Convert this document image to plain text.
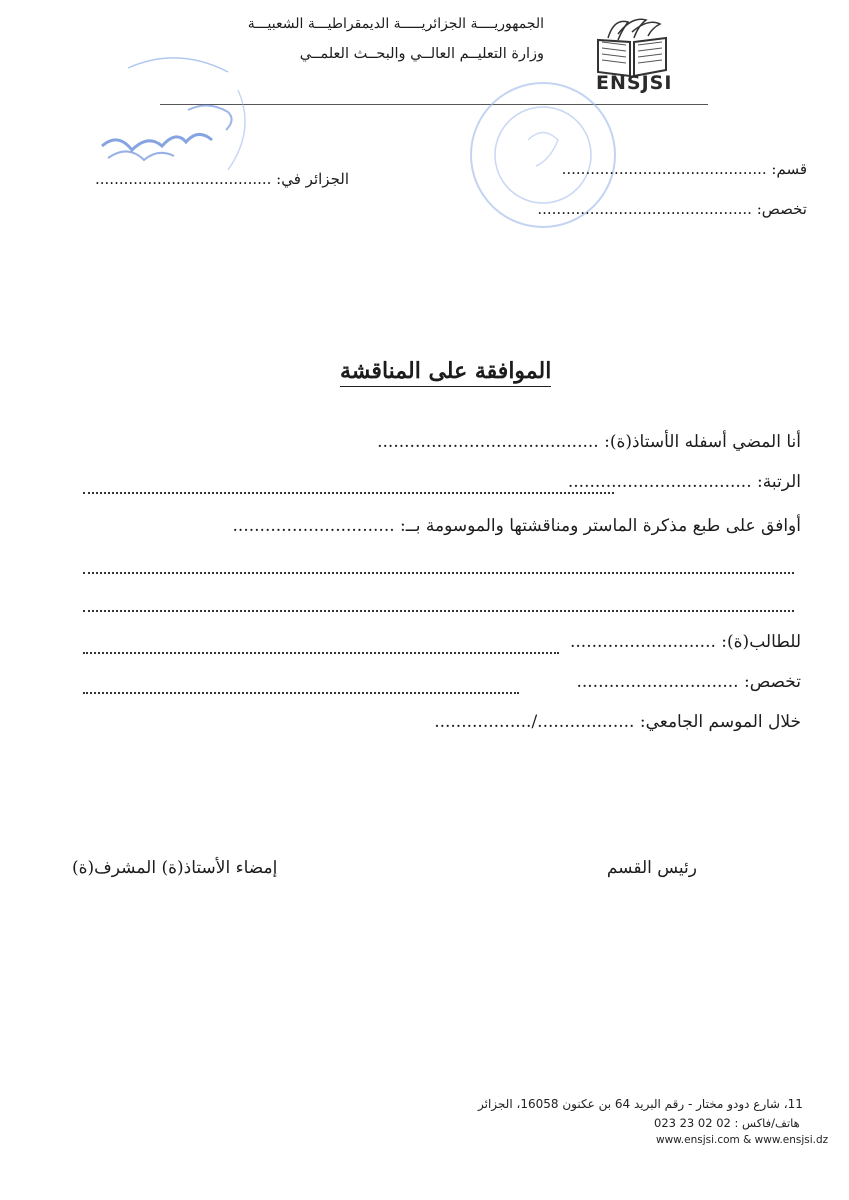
الجمهوريــــة الجزائريـــــة الديمقراطيـــة الشعبيـــة
وزارة التعليــم العالــي والبحــث العلمــي
ENSJSI
قسم: ...........................................
تخصص: .............................................
الجزائر في: .....................................
الموافقة على المناقشة
أنا المضي أسفله الأستاذ(ة): .........................................
الرتبة: ..................................
أوافق على طبع مذكرة الماستر ومناقشتها والموسومة بــ: ..............................
للطالب(ة): ...........................
تخصص: ..............................
خلال الموسم الجامعي: ................../..................
رئيس القسم
إمضاء الأستاذ(ة) المشرف(ة)
11، شارع دودو مختار - رقم البريد 64 بن عكنون 16058، الجزائر
هاتف/فاكس : 02 02 23 023
www.ensjsi.com & www.ensjsi.dz
